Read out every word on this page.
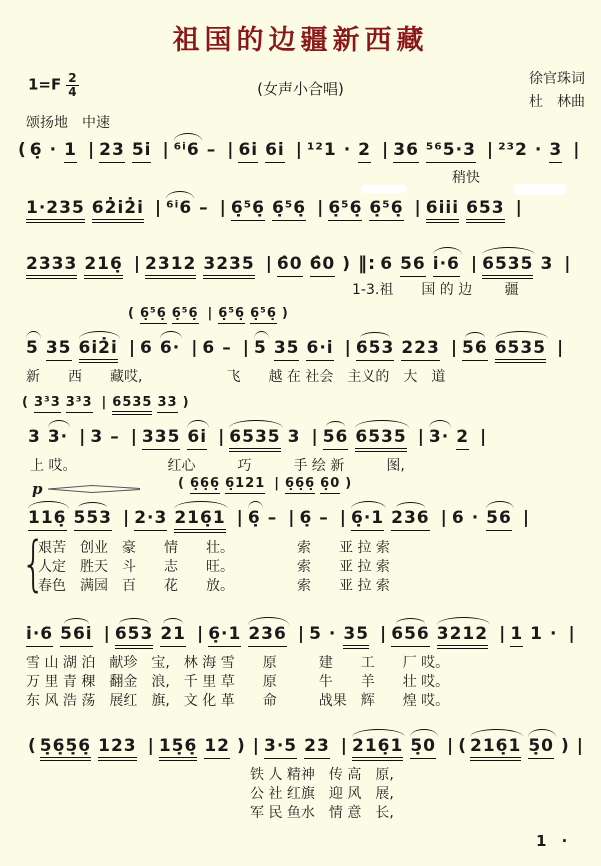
祖国的边疆新西藏
$1=F \frac{2}{4}$	(女声小合唱)
徐官珠词
杜　林曲
颂扬地　中速
稍快
( 6̣ · 1 | 23 5i | ⁶ⁱ6 – | 6i 6i | ¹²1 · 2 | 36 ⁵⁶5·3 | ²³2 · 3 |
1·235 62̇i2̇i | ⁶ⁱ6 – | 6̣⁵6̣ 6̣⁵6̣ | 6̣⁵6̣ 6̣⁵6̣ | 6iii 653 |
2333 216̣ | 2312 3235 | 6̂0 6̂0 ) ‖: 6 56 i·6 | 6535 3 |
1-3.祖　　国 的 边　　 疆
( 6̣⁵6̣ 6̣⁵6̣ | 6̣⁵6̣ 6̣⁵6̣ )
5 35 6i2̇i | 6 6· | 6 – | 5 35 6·i | 653 223 | 56 6535 |
新　　西　　藏哎,　　　　　　飞　　越 在 社会　主义的　大　道
( 3³3 3³3 | 6535 33 )
3 3· | 3 – | 335 6i | 6535 3 | 56 6535 | 3· 2 |
上 哎。　　　　　　　红心　　　巧　　　手 绘 新　　　图,
p	( 6̣6̣6̣ 6̣121 | 6̣6̣6̣ 6̣0 )
116̣ 553 | 2·3 216̣1 | 6̣ – | 6̣ – | 6̣·1 236 | 6 · 56 |
{
艰苦　创业　豪　　情　　壮。　　　　　索　　亚 拉 索
人定　胜天　斗　　志　　旺。　　　　　索　　亚 拉 索
春色　满园　百　　花　　放。　　　　　索　　亚 拉 索
i·6 56i | 653 21 | 6̣·1 236 | 5 · 35 | 656 3212 | 1 1 · |
雪 山 湖 泊　献珍　宝,　林 海 雪　　原　　　建　　工　　厂 哎。
万 里 青 稞　翻金　浪,　千 里 草　　原　　　牛　　羊　　壮 哎。
东 风 浩 荡　展红　旗,　文 化 革　　命　　　战果　辉　　煌 哎。
( 5̣6̣5̣6̣ 123 | 15̣6̣ 12 ) | 3·5 23 | 216̣1 5̣0 | ( 216̣1 5̣0 ) |
铁 人 精神　传 高　原,
公 社 红旗　迎 风　展,
军 民 鱼水　情 意　长,
1 ·
